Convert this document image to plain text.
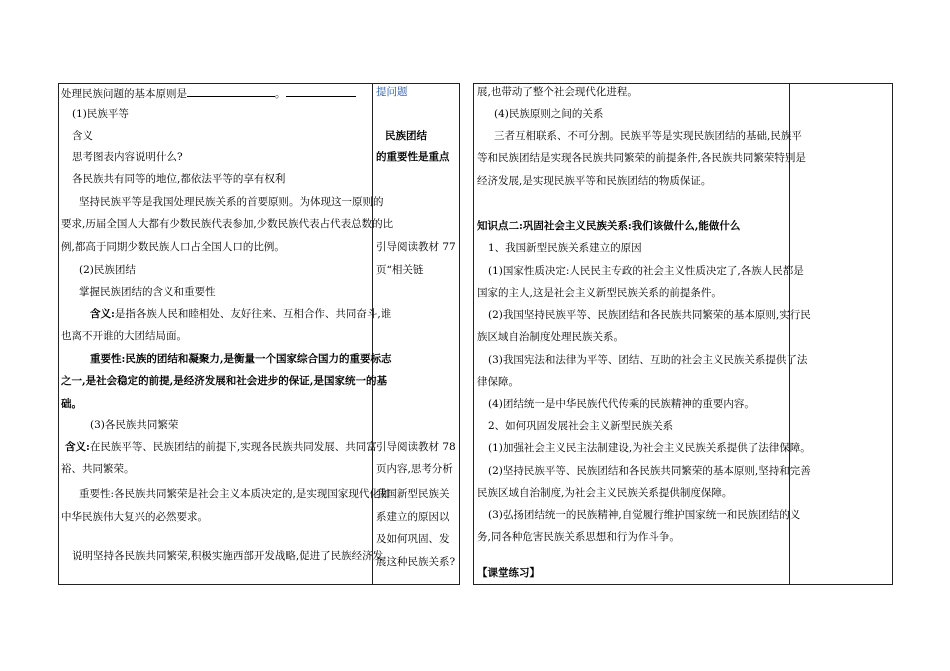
处理民族问题的基本原则是	。
(1)民族平等
含义
思考图表内容说明什么?
各民族共有同等的地位,都依法平等的享有权利
坚持民族平等是我国处理民族关系的首要原则。为体现这一原则的
要求,历届全国人大都有少数民族代表参加,少数民族代表占代表总数的比
例,都高于同期少数民族人口占全国人口的比例。
(2)民族团结
掌握民族团结的含义和重要性
含义:是指各族人民和睦相处、友好往来、互相合作、共同奋斗,谁
也离不开谁的大团结局面。
重要性:民族的团结和凝聚力,是衡量一个国家综合国力的重要标志
之一,是社会稳定的前提,是经济发展和社会进步的保证,是国家统一的基
础。
(3)各民族共同繁荣
含义:在民族平等、民族团结的前提下,实现各民族共同发展、共同富
裕、共同繁荣。
重要性:各民族共同繁荣是社会主义本质决定的,是实现国家现代化和
中华民族伟大复兴的必然要求。
说明坚持各民族共同繁荣,积极实施西部开发战略,促进了民族经济发
提问题
民族团结
的重要性是重点
引导阅读教材 77
页“相关链
引导阅读教材 78
页内容,思考分析
我国新型民族关
系建立的原因以
及如何巩固、发
展这种民族关系?
展,也带动了整个社会现代化进程。
(4)民族原则之间的关系
三者互相联系、不可分割。民族平等是实现民族团结的基础,民族平
等和民族团结是实现各民族共同繁荣的前提条件,各民族共同繁荣特别是
经济发展,是实现民族平等和民族团结的物质保证。
知识点二:巩固社会主义民族关系:我们该做什么,能做什么
1、我国新型民族关系建立的原因
(1)国家性质决定:人民民主专政的社会主义性质决定了,各族人民都是
国家的主人,这是社会主义新型民族关系的前提条件。
(2)我国坚持民族平等、民族团结和各民族共同繁荣的基本原则,实行民
族区域自治制度处理民族关系。
(3)我国宪法和法律为平等、团结、互助的社会主义民族关系提供了法
律保障。
(4)团结统一是中华民族代代传乘的民族精神的重要内容。
2、如何巩固发展社会主义新型民族关系
(1)加强社会主义民主法制建设,为社会主义民族关系提供了法律保障。
(2)坚持民族平等、民族团结和各民族共同繁荣的基本原则,坚持和完善
民族区域自治制度,为社会主义民族关系提供制度保障。
(3)弘扬团结统一的民族精神,自觉履行维护国家统一和民族团结的义
务,同各种危害民族关系思想和行为作斗争。
【课堂练习】
